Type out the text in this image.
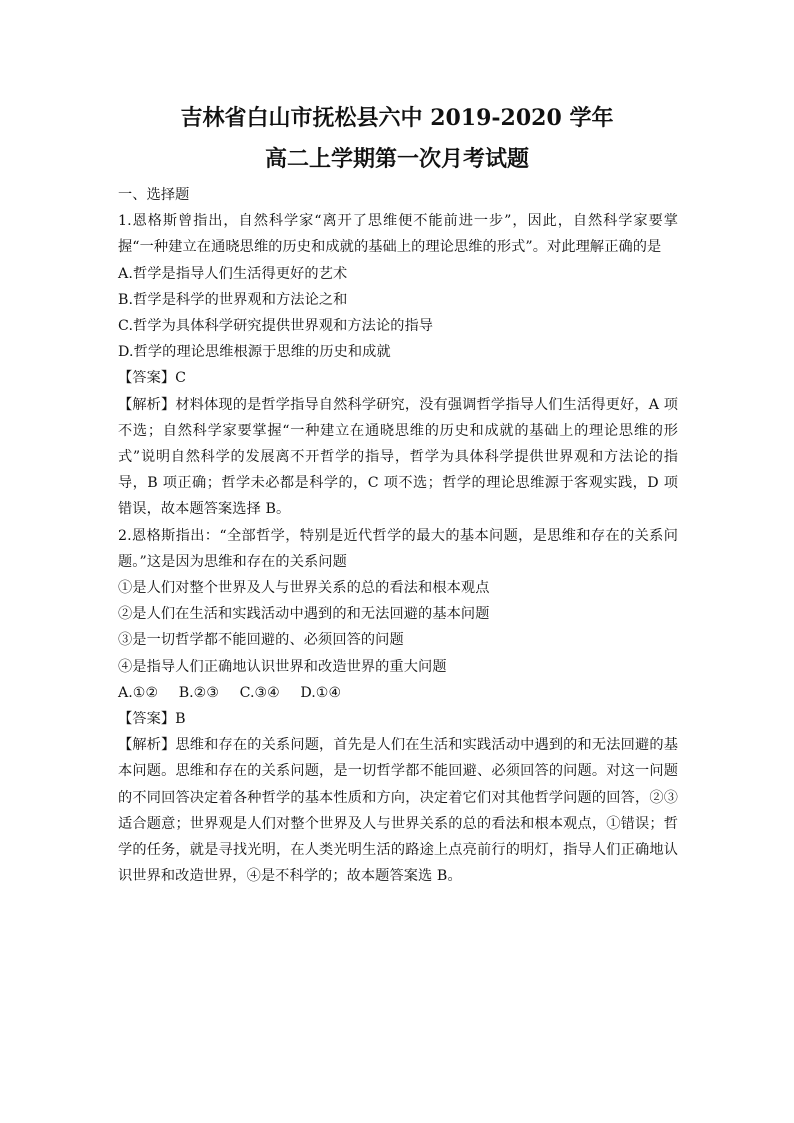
吉林省白山市抚松县六中 2019-2020 学年
高二上学期第一次月考试题

一、选择题

1.恩格斯曾指出，自然科学家“离开了思维便不能前进一步”，因此，自然科学家要掌握“一种建立在通晓思维的历史和成就的基础上的理论思维的形式”。对此理解正确的是

A.哲学是指导人们生活得更好的艺术

B.哲学是科学的世界观和方法论之和

C.哲学为具体科学研究提供世界观和方法论的指导

D.哲学的理论思维根源于思维的历史和成就

【答案】C

【解析】材料体现的是哲学指导自然科学研究，没有强调哲学指导人们生活得更好，A 项不选；自然科学家要掌握“一种建立在通晓思维的历史和成就的基础上的理论思维的形式”说明自然科学的发展离不开哲学的指导，哲学为具体科学提供世界观和方法论的指导，B 项正确；哲学未必都是科学的，C 项不选；哲学的理论思维源于客观实践，D 项错误，故本题答案选择 B。

2.恩格斯指出：“全部哲学，特别是近代哲学的最大的基本问题，是思维和存在的关系问题。”这是因为思维和存在的关系问题

①是人们对整个世界及人与世界关系的总的看法和根本观点

②是人们在生活和实践活动中遇到的和无法回避的基本问题

③是一切哲学都不能回避的、必须回答的问题

④是指导人们正确地认识世界和改造世界的重大问题

A.①② B.②③ C.③④ D.①④

【答案】B

【解析】思维和存在的关系问题，首先是人们在生活和实践活动中遇到的和无法回避的基本问题。思维和存在的关系问题，是一切哲学都不能回避、必须回答的问题。对这一问题的不同回答决定着各种哲学的基本性质和方向，决定着它们对其他哲学问题的回答，②③适合题意；世界观是人们对整个世界及人与世界关系的总的看法和根本观点，①错误；哲学的任务，就是寻找光明，在人类光明生活的路途上点亮前行的明灯，指导人们正确地认识世界和改造世界，④是不科学的；故本题答案选 B。
